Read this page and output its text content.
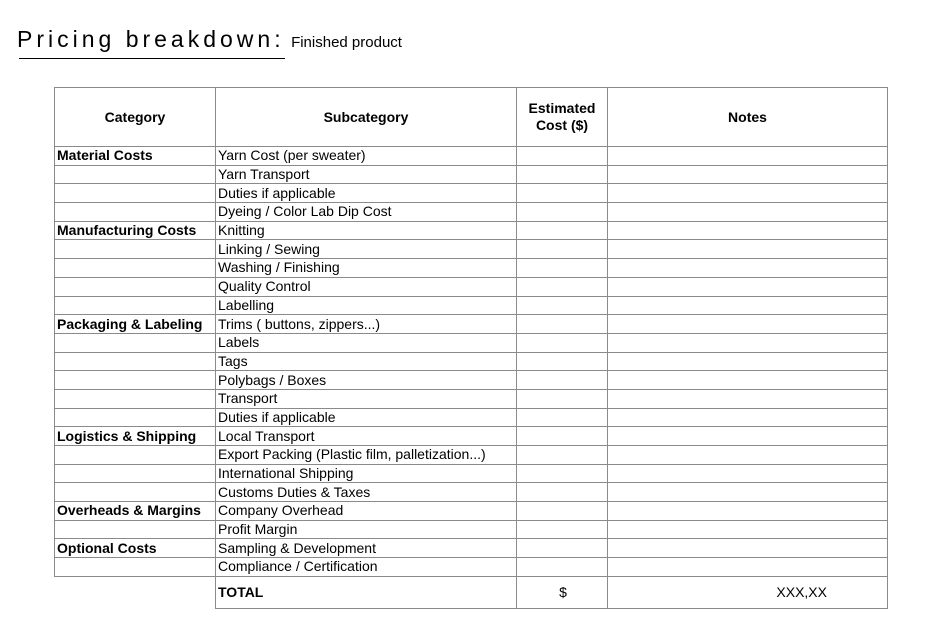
Pricing breakdown: Finished product
Category	Subcategory	Estimated Cost ($)	Notes
Material Costs	Yarn Cost (per sweater)		
	Yarn Transport		
	Duties if applicable		
	Dyeing / Color Lab Dip Cost		
Manufacturing Costs	Knitting		
	Linking / Sewing		
	Washing / Finishing		
	Quality Control		
	Labelling		
Packaging & Labeling	Trims ( buttons, zippers...)		
	Labels		
	Tags		
	Polybags / Boxes		
	Transport		
	Duties if applicable		
Logistics & Shipping	Local Transport		
	Export Packing (Plastic film, palletization...)		
	International Shipping		
	Customs Duties & Taxes		
Overheads & Margins	Company Overhead		
	Profit Margin		
Optional Costs	Sampling & Development		
	Compliance / Certification		
	TOTAL	$	XXX,XX
